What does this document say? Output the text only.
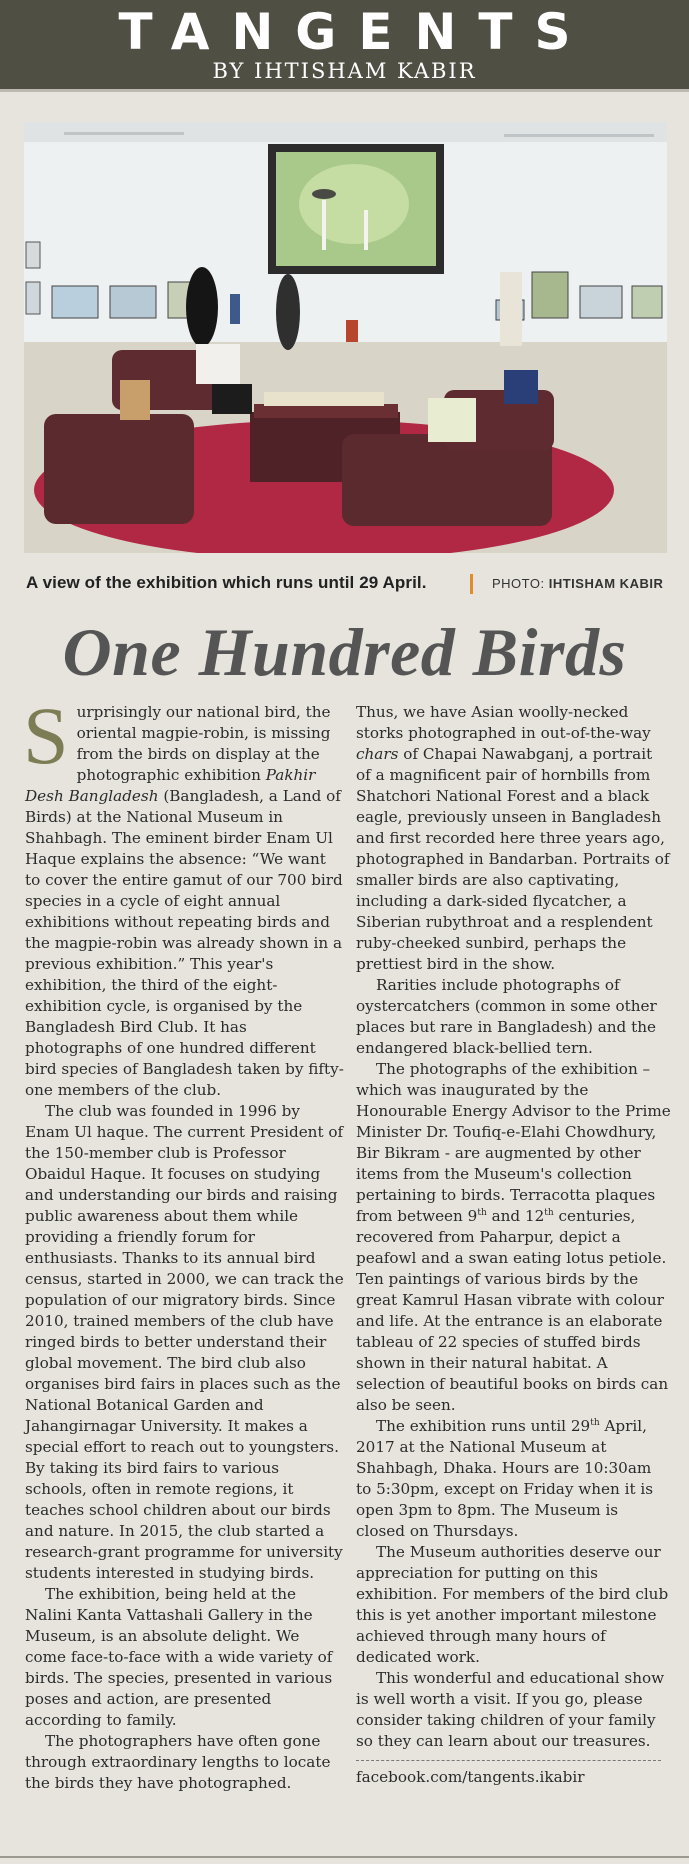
TANGENTS
BY IHTISHAM KABIR
A view of the exhibition which runs until 29 April.	PHOTO: IHTISHAM KABIR
One Hundred Birds

Surprisingly our national bird, the oriental magpie-robin, is missing from the birds on display at the photographic exhibition Pakhir Desh Bangladesh (Bangladesh, a Land of Birds) at the National Museum in Shahbagh. The eminent birder Enam Ul Haque explains the absence: “We want to cover the entire gamut of our 700 bird species in a cycle of eight annual exhibitions without repeating birds and the magpie-robin was already shown in a previous exhibition.” This year's exhibition, the third of the eight-exhibition cycle, is organised by the Bangladesh Bird Club. It has photographs of one hundred different bird species of Bangladesh taken by fifty-one members of the club.

The club was founded in 1996 by Enam Ul haque. The current President of the 150-member club is Professor Obaidul Haque. It focuses on studying and understanding our birds and raising public awareness about them while providing a friendly forum for enthusiasts. Thanks to its annual bird census, started in 2000, we can track the population of our migratory birds. Since 2010, trained members of the club have ringed birds to better understand their global movement. The bird club also organises bird fairs in places such as the National Botanical Garden and Jahangirnagar University. It makes a special effort to reach out to youngsters. By taking its bird fairs to various schools, often in remote regions, it teaches school children about our birds and nature. In 2015, the club started a research-grant programme for university students interested in studying birds.

The exhibition, being held at the Nalini Kanta Vattashali Gallery in the Museum, is an absolute delight. We come face-to-face with a wide variety of birds. The species, presented in various poses and action, are presented according to family.

The photographers have often gone through extraordinary lengths to locate the birds they have photographed.

Thus, we have Asian woolly-necked storks photographed in out-of-the-way chars of Chapai Nawabganj, a portrait of a magnificent pair of hornbills from Shatchori National Forest and a black eagle, previously unseen in Bangladesh and first recorded here three years ago, photographed in Bandarban. Portraits of smaller birds are also captivating, including a dark-sided flycatcher, a Siberian rubythroat and a resplendent ruby-cheeked sunbird, perhaps the prettiest bird in the show.

Rarities include photographs of oystercatchers (common in some other places but rare in Bangladesh) and the endangered black-bellied tern.

The photographs of the exhibition – which was inaugurated by the Honourable Energy Advisor to the Prime Minister Dr. Toufiq-e-Elahi Chowdhury, Bir Bikram - are augmented by other items from the Museum's collection pertaining to birds. Terracotta plaques from between 9th and 12th centuries, recovered from Paharpur, depict a peafowl and a swan eating lotus petiole. Ten paintings of various birds by the great Kamrul Hasan vibrate with colour and life. At the entrance is an elaborate tableau of 22 species of stuffed birds shown in their natural habitat. A selection of beautiful books on birds can also be seen.

The exhibition runs until 29th April, 2017 at the National Museum at Shahbagh, Dhaka. Hours are 10:30am to 5:30pm, except on Friday when it is open 3pm to 8pm. The Museum is closed on Thursdays.

The Museum authorities deserve our appreciation for putting on this exhibition. For members of the bird club this is yet another important milestone achieved through many hours of dedicated work.

This wonderful and educational show is well worth a visit. If you go, please consider taking children of your family so they can learn about our treasures.

facebook.com/tangents.ikabir
